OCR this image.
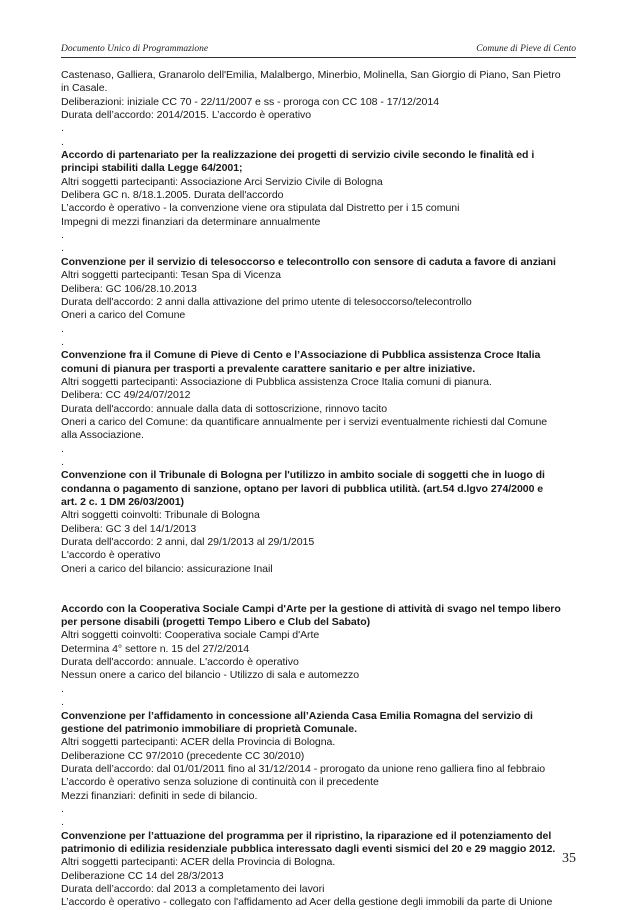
Documento Unico di Programmazione	Comune di Pieve di Cento
Castenaso, Galliera, Granarolo dell'Emilia, Malalbergo, Minerbio, Molinella, San Giorgio di Piano, San Pietro
in Casale.
Deliberazioni: iniziale CC 70 - 22/11/2007 e ss - proroga con CC 108 - 17/12/2014
Durata dell’accordo: 2014/2015. L’accordo è operativo
.
.
Accordo di partenariato per la realizzazione dei progetti di servizio civile secondo le finalità ed i
principi stabiliti dalla Legge 64/2001;
Altri soggetti partecipanti: Associazione Arci Servizio Civile di Bologna
Delibera GC n. 8/18.1.2005. Durata dell'accordo
L’accordo è operativo - la convenzione viene ora stipulata dal Distretto per i 15 comuni
Impegni di mezzi finanziari da determinare annualmente
.
.
Convenzione per il servizio di telesoccorso e telecontrollo con sensore di caduta a favore di anziani
Altri soggetti partecipanti: Tesan Spa di Vicenza
Delibera: GC 106/28.10.2013
Durata dell'accordo: 2 anni dalla attivazione del primo utente di telesoccorso/telecontrollo
Oneri a carico del Comune
.
.
Convenzione fra il Comune di Pieve di Cento e l’Associazione di Pubblica assistenza Croce Italia
comuni di pianura per trasporti a prevalente carattere sanitario e per altre iniziative.
Altri soggetti partecipanti: Associazione di Pubblica assistenza Croce Italia comuni di pianura.
Delibera: CC 49/24/07/2012
Durata dell'accordo: annuale dalla data di sottoscrizione, rinnovo tacito
Oneri a carico del Comune: da quantificare annualmente per i servizi eventualmente richiesti dal Comune
alla Associazione.
.
.
Convenzione con il Tribunale di Bologna per l'utilizzo in ambito sociale di soggetti che in luogo di
condanna o pagamento di sanzione, optano per lavori di pubblica utilità. (art.54 d.lgvo 274/2000 e
art. 2 c. 1 DM 26/03/2001)
Altri soggetti coinvolti: Tribunale di Bologna
Delibera: GC 3 del 14/1/2013
Durata dell'accordo: 2 anni, dal 29/1/2013 al 29/1/2015
L'accordo è operativo
Oneri a carico del bilancio: assicurazione Inail
Accordo con la Cooperativa Sociale Campi d'Arte per la gestione di attività di svago nel tempo libero
per persone disabili (progetti Tempo Libero e Club del Sabato)
Altri soggetti coinvolti: Cooperativa sociale Campi d'Arte
Determina 4° settore n. 15 del 27/2/2014
Durata dell'accordo: annuale. L'accordo è operativo
Nessun onere a carico del bilancio - Utilizzo di sala e automezzo
.
.
Convenzione per l’affidamento in concessione all’Azienda Casa Emilia Romagna del servizio di
gestione del patrimonio immobiliare di proprietà Comunale.
Altri soggetti partecipanti: ACER della Provincia di Bologna.
Deliberazione CC 97/2010 (precedente CC 30/2010)
Durata dell’accordo: dal 01/01/2011 fino al 31/12/2014 - prorogato da unione reno galliera fino al febbraio
L’accordo è operativo senza soluzione di continuità con il precedente
Mezzi finanziari: definiti in sede di bilancio.
.
.
Convenzione per l’attuazione del programma per il ripristino, la riparazione ed il potenziamento del
patrimonio di edilizia residenziale pubblica interessato dagli eventi sismici del 20 e 29 maggio 2012.
Altri soggetti partecipanti: ACER della Provincia di Bologna.
Deliberazione CC 14 del 28/3/2013
Durata dell’accordo: dal 2013 a completamento dei lavori
L’accordo è operativo - collegato con l'affidamento ad Acer della gestione degli immobili da parte di Unione
35
